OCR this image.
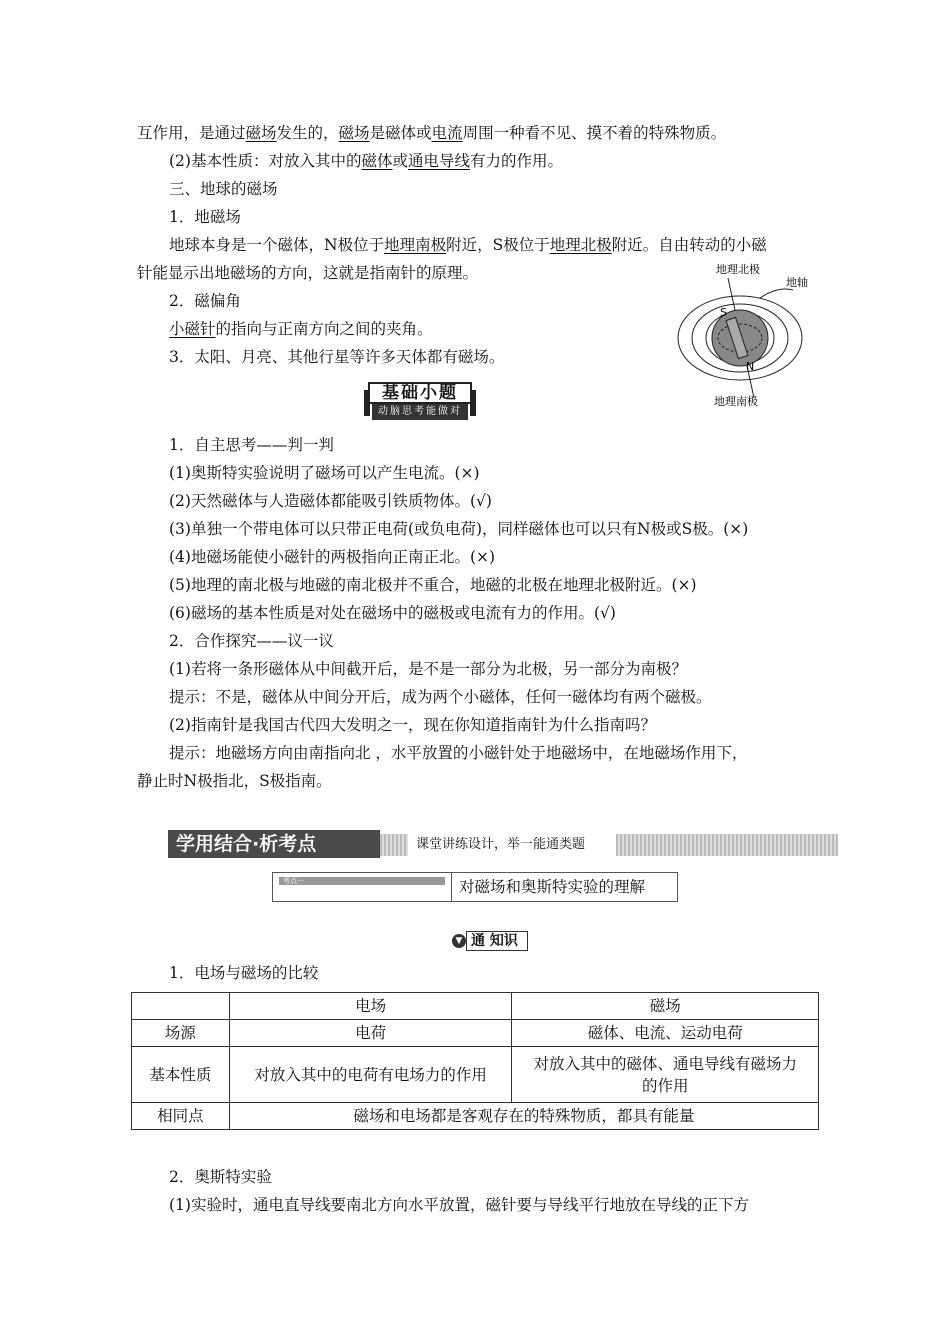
互作用，是通过磁场发生的，磁场是磁体或电流周围一种看不见、摸不着的特殊物质。
(2)基本性质：对放入其中的磁体或通电导线有力的作用。
三、地球的磁场
1．地磁场
地球本身是一个磁体，N极位于地理南极附近，S极位于地理北极附近。自由转动的小磁
针能显示出地磁场的方向，这就是指南针的原理。
2．磁偏角
小磁针的指向与正南方向之间的夹角。
3．太阳、月亮、其他行星等许多天体都有磁场。
1．自主思考——判一判
(1)奥斯特实验说明了磁场可以产生电流。(×)
(2)天然磁体与人造磁体都能吸引铁质物体。(√)
(3)单独一个带电体可以只带正电荷(或负电荷)，同样磁体也可以只有N极或S极。(×)
(4)地磁场能使小磁针的两极指向正南正北。(×)
(5)地理的南北极与地磁的南北极并不重合，地磁的北极在地理北极附近。(×)
(6)磁场的基本性质是对处在磁场中的磁极或电流有力的作用。(√)
2．合作探究——议一议
(1)若将一条形磁体从中间截开后，是不是一部分为北极，另一部分为南极？
提示：不是，磁体从中间分开后，成为两个小磁体，任何一磁体均有两个磁极。
(2)指南针是我国古代四大发明之一，现在你知道指南针为什么指南吗？
提示：地磁场方向由南指向北 ，水平放置的小磁针处于地磁场中，在地磁场作用下，
静止时N极指北，S极指南。
1．电场与磁场的比较
2．奥斯特实验
(1)实验时，通电直导线要南北方向水平放置，磁针要与导线平行地放在导线的正下方
地理北极
地轴
地理南极
S
N
基础小题
动脑思考能做对
学用结合·析考点	课堂讲练设计，举一能通类题
考点一	对磁场和奥斯特实验的理解
▼ 通 知识
	电场	磁场
场源	电荷	磁体、电流、运动电荷
基本性质	对放入其中的电荷有电场力的作用	对放入其中的磁体、通电导线有磁场力的作用
相同点	磁场和电场都是客观存在的特殊物质，都具有能量	
